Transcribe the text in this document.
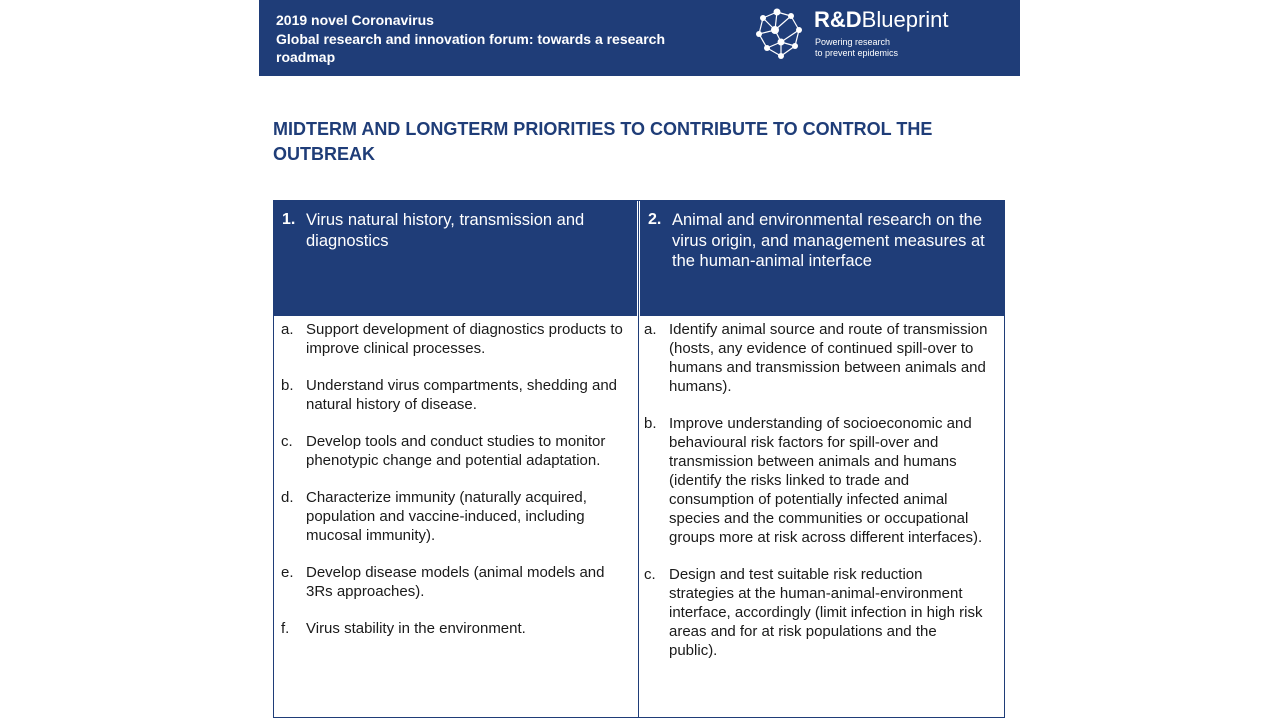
2019 novel Coronavirus
Global research and innovation forum: towards a research roadmap
R&DBlueprint
Powering research
to prevent epidemics
MIDTERM AND LONGTERM PRIORITIES TO CONTRIBUTE TO CONTROL THE OUTBREAK
1. Virus natural history, transmission and diagnostics
2. Animal and environmental research on the virus origin, and management measures at the human-animal interface
a. Support development of diagnostics products to improve clinical processes.
b. Understand virus compartments, shedding and natural history of disease.
c. Develop tools and conduct studies to monitor phenotypic change and potential adaptation.
d. Characterize immunity (naturally acquired, population and vaccine-induced, including mucosal immunity).
e. Develop disease models (animal models and 3Rs approaches).
f. Virus stability in the environment.
a. Identify animal source and route of transmission (hosts, any evidence of continued spill-over to humans and transmission between animals and humans).
b. Improve understanding of socioeconomic and behavioural risk factors for spill-over and transmission between animals and humans (identify the risks linked to trade and consumption of potentially infected animal species and the communities or occupational groups more at risk across different interfaces).
c. Design and test suitable risk reduction strategies at the human-animal-environment interface, accordingly (limit infection in high risk areas and for at risk populations and the public).
